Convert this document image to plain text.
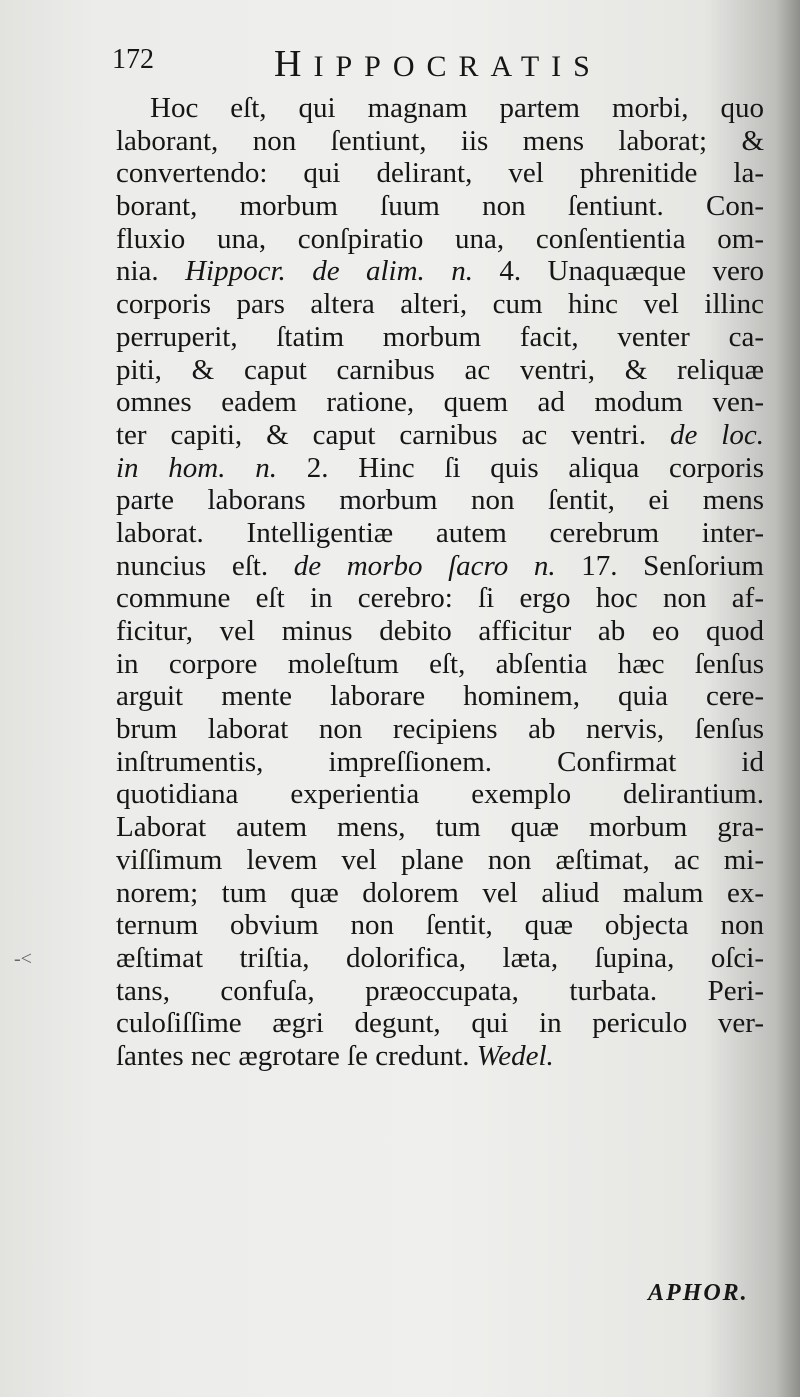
172	HIPPOCRATIS
Hoc eſt, qui magnam partem morbi, quo
laborant, non ſentiunt, iis mens laborat; &
convertendo: qui delirant, vel phrenitide la-
borant, morbum ſuum non ſentiunt. Con-
fluxio una, conſpiratio una, conſentientia om-
nia. Hippocr. de alim. n. 4. Unaquæque vero
corporis pars altera alteri, cum hinc vel illinc
perruperit, ſtatim morbum facit, venter ca-
piti, & caput carnibus ac ventri, & reliquæ
omnes eadem ratione, quem ad modum ven-
ter capiti, & caput carnibus ac ventri. de loc.
in hom. n. 2. Hinc ſi quis aliqua corporis
parte laborans morbum non ſentit, ei mens
laborat. Intelligentiæ autem cerebrum inter-
nuncius eſt. de morbo ſacro n. 17. Senſorium
commune eſt in cerebro: ſi ergo hoc non af-
ficitur, vel minus debito afficitur ab eo quod
in corpore moleſtum eſt, abſentia hæc ſenſus
arguit mente laborare hominem, quia cere-
brum laborat non recipiens ab nervis, ſenſus
inſtrumentis, impreſſionem. Confirmat id
quotidiana experientia exemplo delirantium.
Laborat autem mens, tum quæ morbum gra-
viſſimum levem vel plane non æſtimat, ac mi-
norem; tum quæ dolorem vel aliud malum ex-
ternum obvium non ſentit, quæ objecta non
æſtimat triſtia, dolorifica, læta, ſupina, oſci-
tans, confuſa, præoccupata, turbata. Peri-
culoſiſſime ægri degunt, qui in periculo ver-
ſantes nec ægrotare ſe credunt. Wedel.
-<
APHOR.
